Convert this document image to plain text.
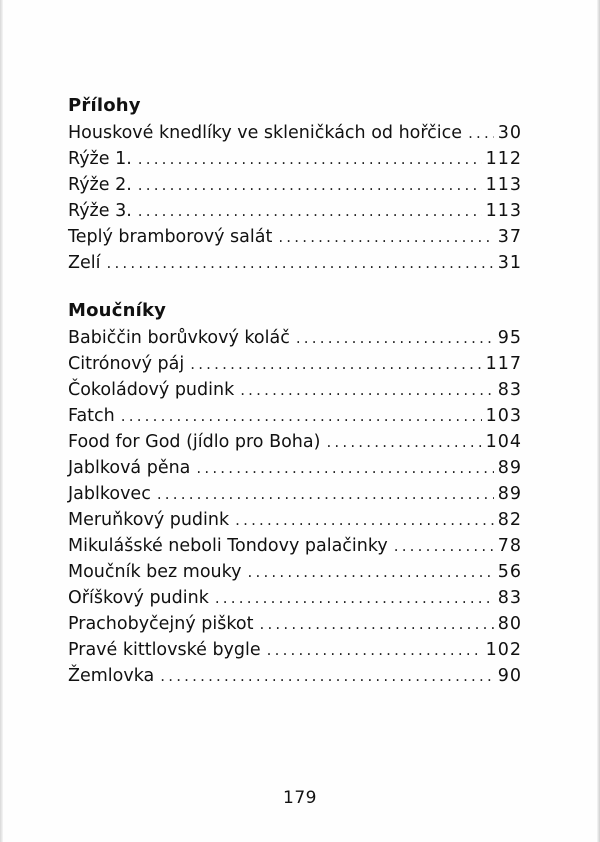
Přílohy
Houskové knedlíky ve skleničkách od hořčice ..... 30
Rýže 1. .....	112
Rýže 2. .....	113
Rýže 3. .....	113
Teplý bramborový salát .....	37
Zelí .....	31
Moučníky
Babiččin borůvkový koláč .....	95
Citrónový páj .....	117
Čokoládový pudink .....	83
Fatch .....	103
Food for God (jídlo pro Boha) .....	104
Jablková pěna .....	89
Jablkovec .....	89
Meruňkový pudink .....	82
Mikulášské neboli Tondovy palačinky .....	78
Moučník bez mouky .....	56
Oříškový pudink .....	83
Prachobyčejný piškot .....	80
Pravé kittlovské bygle .....	102
Žemlovka .....	90
179
